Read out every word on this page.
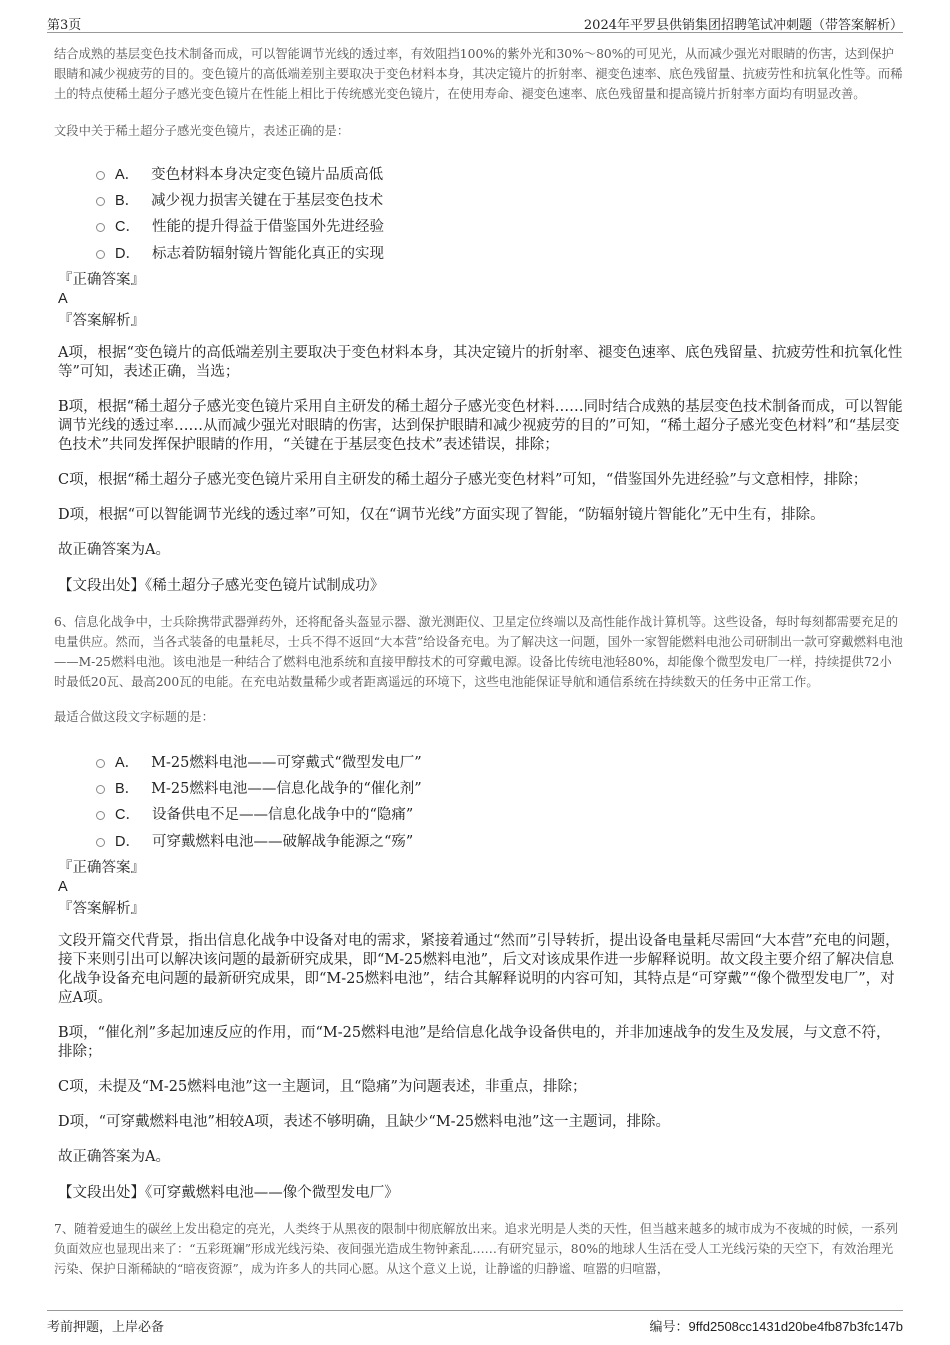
第3页	2024年平罗县供销集团招聘笔试冲刺题（带答案解析）

结合成熟的基层变色技术制备而成，可以智能调节光线的透过率，有效阻挡100%的紫外光和30%～80%的可见光，从而减少强光对眼睛的伤害，达到保护眼睛和减少视疲劳的目的。变色镜片的高低端差别主要取决于变色材料本身，其决定镜片的折射率、褪变色速率、底色残留量、抗疲劳性和抗氧化性等。而稀土的特点使稀土超分子感光变色镜片在性能上相比于传统感光变色镜片，在使用寿命、褪变色速率、底色残留量和提高镜片折射率方面均有明显改善。

文段中关于稀土超分子感光变色镜片，表述正确的是：

A． 变色材料本身决定变色镜片品质高低
B． 减少视力损害关键在于基层变色技术
C． 性能的提升得益于借鉴国外先进经验
D． 标志着防辐射镜片智能化真正的实现
『正确答案』
A
『答案解析』

A项，根据“变色镜片的高低端差别主要取决于变色材料本身，其决定镜片的折射率、褪变色速率、底色残留量、抗疲劳性和抗氧化性等”可知，表述正确，当选；

B项，根据“稀土超分子感光变色镜片采用自主研发的稀土超分子感光变色材料……同时结合成熟的基层变色技术制备而成，可以智能调节光线的透过率……从而减少强光对眼睛的伤害，达到保护眼睛和减少视疲劳的目的”可知，“稀土超分子感光变色材料”和“基层变色技术”共同发挥保护眼睛的作用，“关键在于基层变色技术”表述错误，排除；

C项，根据“稀土超分子感光变色镜片采用自主研发的稀土超分子感光变色材料”可知，“借鉴国外先进经验”与文意相悖，排除；

D项，根据“可以智能调节光线的透过率”可知，仅在“调节光线”方面实现了智能，“防辐射镜片智能化”无中生有，排除。

故正确答案为A。

【文段出处】《稀土超分子感光变色镜片试制成功》

6、信息化战争中，士兵除携带武器弹药外，还将配备头盔显示器、激光测距仪、卫星定位终端以及高性能作战计算机等。这些设备，每时每刻都需要充足的电量供应。然而，当各式装备的电量耗尽，士兵不得不返回“大本营”给设备充电。为了解决这一问题，国外一家智能燃料电池公司研制出一款可穿戴燃料电池——M-25燃料电池。该电池是一种结合了燃料电池系统和直接甲醇技术的可穿戴电源。设备比传统电池轻80%，却能像个微型发电厂一样，持续提供72小时最低20瓦、最高200瓦的电能。在充电站数量稀少或者距离遥远的环境下，这些电池能保证导航和通信系统在持续数天的任务中正常工作。

最适合做这段文字标题的是：

A． M-25燃料电池——可穿戴式“微型发电厂”
B． M-25燃料电池——信息化战争的“催化剂”
C． 设备供电不足——信息化战争中的“隐痛”
D． 可穿戴燃料电池——破解战争能源之“殇”
『正确答案』
A
『答案解析』

文段开篇交代背景，指出信息化战争中设备对电的需求，紧接着通过“然而”引导转折，提出设备电量耗尽需回“大本营”充电的问题，接下来则引出可以解决该问题的最新研究成果，即“M-25燃料电池”，后文对该成果作进一步解释说明。故文段主要介绍了解决信息化战争设备充电问题的最新研究成果，即“M-25燃料电池”，结合其解释说明的内容可知，其特点是“可穿戴”“像个微型发电厂”，对应A项。

B项，“催化剂”多起加速反应的作用，而“M-25燃料电池”是给信息化战争设备供电的，并非加速战争的发生及发展，与文意不符，排除；

C项，未提及“M-25燃料电池”这一主题词，且“隐痛”为问题表述，非重点，排除；

D项，“可穿戴燃料电池”相较A项，表述不够明确，且缺少“M-25燃料电池”这一主题词，排除。

故正确答案为A。

【文段出处】《可穿戴燃料电池——像个微型发电厂》

7、随着爱迪生的碳丝上发出稳定的亮光，人类终于从黑夜的限制中彻底解放出来。追求光明是人类的天性，但当越来越多的城市成为不夜城的时候，一系列负面效应也显现出来了：“五彩斑斓”形成光线污染、夜间强光造成生物钟紊乱……有研究显示，80%的地球人生活在受人工光线污染的天空下，有效治理光污染、保护日渐稀缺的“暗夜资源”，成为许多人的共同心愿。从这个意义上说，让静谧的归静谧、喧嚣的归喧嚣，

考前押题，上岸必备	编号：9ffd2508cc1431d20be4fb87b3fc147b
